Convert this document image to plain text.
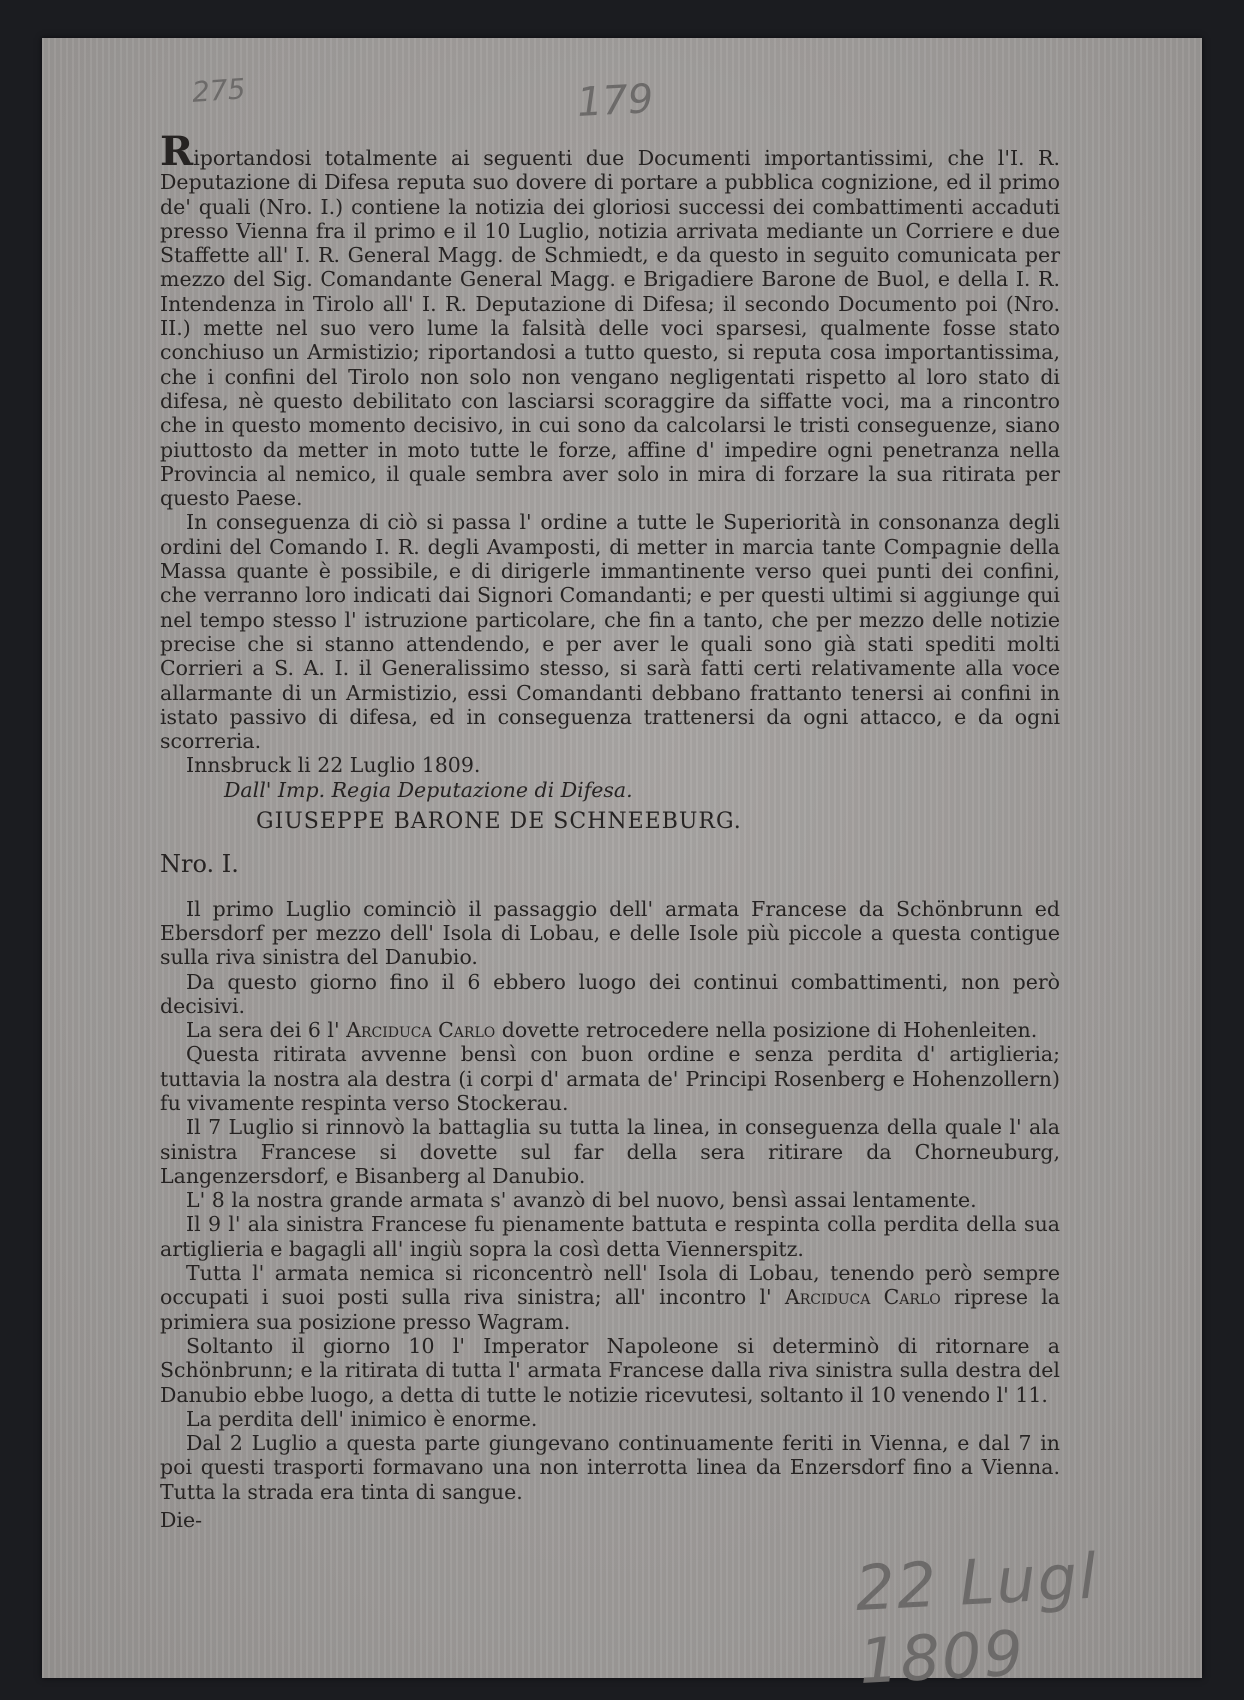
275	179
22 Lugl 1809

Riportandosi totalmente ai seguenti due Documenti importantissimi, che l'I. R. Deputazione di Difesa reputa suo dovere di portare a pubblica cognizione, ed il primo de' quali (Nro. I.) contiene la notizia dei gloriosi successi dei combattimenti accaduti presso Vienna fra il primo e il 10 Luglio, notizia arrivata mediante un Corriere e due Staffette all' I. R. General Magg. de Schmiedt, e da questo in seguito comunicata per mezzo del Sig. Comandante General Magg. e Brigadiere Barone de Buol, e della I. R. Intendenza in Tirolo all' I. R. Deputazione di Difesa; il secondo Documento poi (Nro. II.) mette nel suo vero lume la falsità delle voci sparsesi, qualmente fosse stato conchiuso un Armistizio; riportandosi a tutto questo, si reputa cosa importantissima, che i confini del Tirolo non solo non vengano negligentati rispetto al loro stato di difesa, nè questo debilitato con lasciarsi scoraggire da siffatte voci, ma a rincontro che in questo momento decisivo, in cui sono da calcolarsi le tristi conseguenze, siano piuttosto da metter in moto tutte le forze, affine d' impedire ogni penetranza nella Provincia al nemico, il quale sembra aver solo in mira di forzare la sua ritirata per questo Paese.

In conseguenza di ciò si passa l' ordine a tutte le Superiorità in consonanza degli ordini del Comando I. R. degli Avamposti, di metter in marcia tante Compagnie della Massa quante è possibile, e di dirigerle immantinente verso quei punti dei confini, che verranno loro indicati dai Signori Comandanti; e per questi ultimi si aggiunge qui nel tempo stesso l' istruzione particolare, che fin a tanto, che per mezzo delle notizie precise che si stanno attendendo, e per aver le quali sono già stati spediti molti Corrieri a S. A. I. il Generalissimo stesso, si sarà fatti certi relativamente alla voce allarmante di un Armistizio, essi Comandanti debbano frattanto tenersi ai confini in istato passivo di difesa, ed in conseguenza trattenersi da ogni attacco, e da ogni scorreria.

Innsbruck li 22 Luglio 1809.

Dall' Imp. Regia Deputazione di Difesa.

GIUSEPPE BARONE DE SCHNEEBURG.

Nro. I.

Il primo Luglio cominciò il passaggio dell' armata Francese da Schönbrunn ed Ebersdorf per mezzo dell' Isola di Lobau, e delle Isole più piccole a questa contigue sulla riva sinistra del Danubio.

Da questo giorno fino il 6 ebbero luogo dei continui combattimenti, non però decisivi.

La sera dei 6 l' Arciduca Carlo dovette retrocedere nella posizione di Hohenleiten.

Questa ritirata avvenne bensì con buon ordine e senza perdita d' artiglieria; tuttavia la nostra ala destra (i corpi d' armata de' Principi Rosenberg e Hohenzollern) fu vivamente respinta verso Stockerau.

Il 7 Luglio si rinnovò la battaglia su tutta la linea, in conseguenza della quale l' ala sinistra Francese si dovette sul far della sera ritirare da Chorneuburg, Langenzersdorf, e Bisanberg al Danubio.

L' 8 la nostra grande armata s' avanzò di bel nuovo, bensì assai lentamente.

Il 9 l' ala sinistra Francese fu pienamente battuta e respinta colla perdita della sua artiglieria e bagagli all' ingiù sopra la così detta Viennerspitz.

Tutta l' armata nemica si riconcentrò nell' Isola di Lobau, tenendo però sempre occupati i suoi posti sulla riva sinistra; all' incontro l' Arciduca Carlo riprese la primiera sua posizione presso Wagram.

Soltanto il giorno 10 l' Imperator Napoleone si determinò di ritornare a Schönbrunn; e la ritirata di tutta l' armata Francese dalla riva sinistra sulla destra del Danubio ebbe luogo, a detta di tutte le notizie ricevutesi, soltanto il 10 venendo l' 11.

La perdita dell' inimico è enorme.

Dal 2 Luglio a questa parte giungevano continuamente feriti in Vienna, e dal 7 in poi questi trasporti formavano una non interrotta linea da Enzersdorf fino a Vienna. Tutta la strada era tinta di sangue.

Die-
